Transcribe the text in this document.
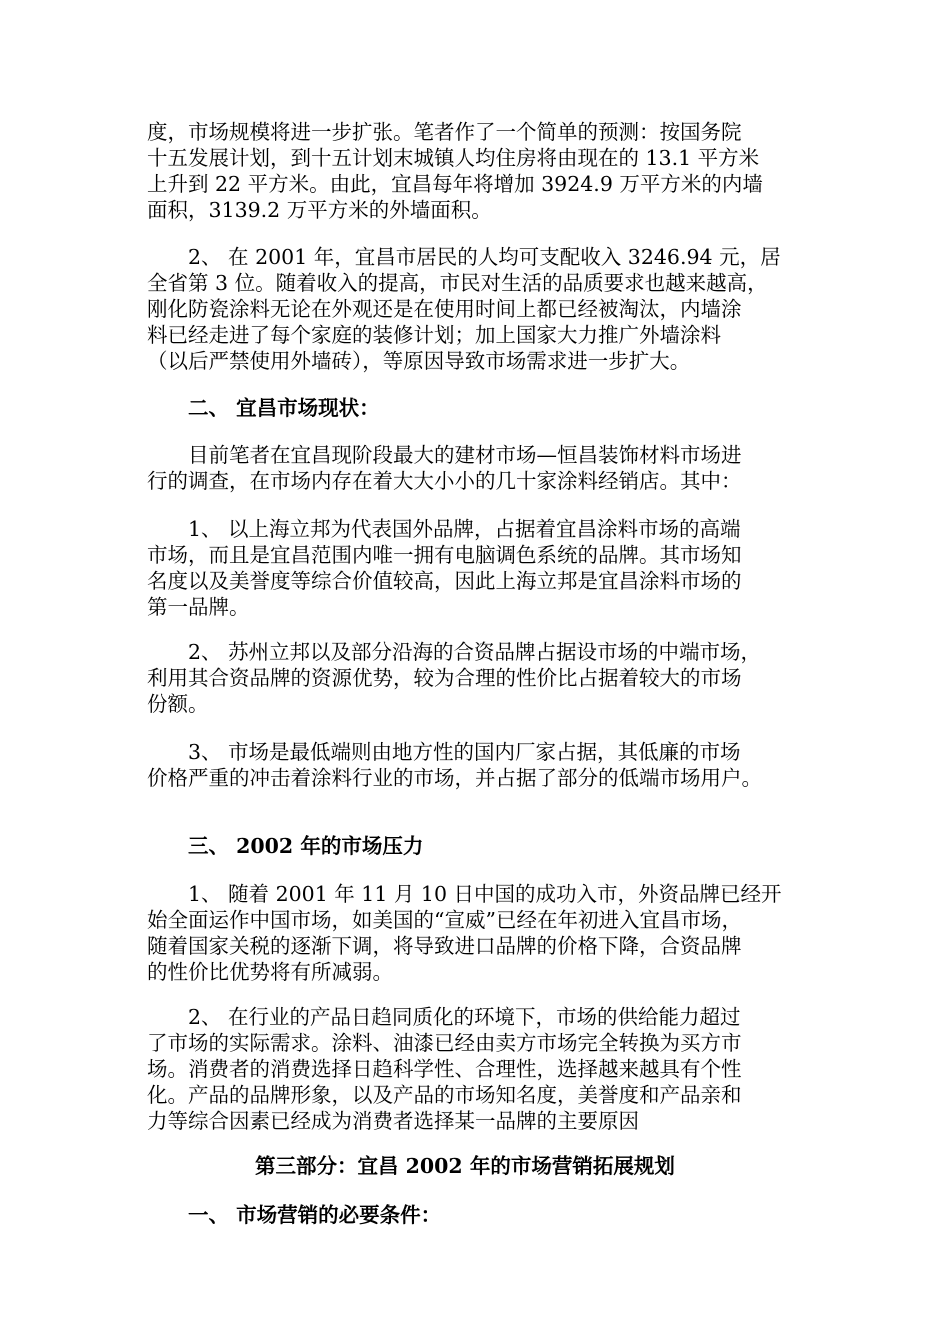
度，市场规模将进一步扩张。笔者作了一个简单的预测：按国务院
十五发展计划，到十五计划末城镇人均住房将由现在的 13.1 平方米
上升到 22 平方米。由此，宜昌每年将增加 3924.9 万平方米的内墙
面积，3139.2 万平方米的外墙面积。
　　2、 在 2001 年，宜昌市居民的人均可支配收入 3246.94 元，居
全省第 3 位。随着收入的提高，市民对生活的品质要求也越来越高，
刚化防瓷涂料无论在外观还是在使用时间上都已经被淘汰，内墙涂
料已经走进了每个家庭的装修计划；加上国家大力推广外墙涂料
（以后严禁使用外墙砖），等原因导致市场需求进一步扩大。
　　二、 宜昌市场现状：
　　目前笔者在宜昌现阶段最大的建材市场—恒昌装饰材料市场进
行的调查，在市场内存在着大大小小的几十家涂料经销店。其中：
　　1、 以上海立邦为代表国外品牌，占据着宜昌涂料市场的高端
市场，而且是宜昌范围内唯一拥有电脑调色系统的品牌。其市场知
名度以及美誉度等综合价值较高，因此上海立邦是宜昌涂料市场的
第一品牌。
　　2、 苏州立邦以及部分沿海的合资品牌占据设市场的中端市场，
利用其合资品牌的资源优势，较为合理的性价比占据着较大的市场
份额。
　　3、 市场是最低端则由地方性的国内厂家占据，其低廉的市场
价格严重的冲击着涂料行业的市场，并占据了部分的低端市场用户。
　　三、 2002 年的市场压力
　　1、 随着 2001 年 11 月 10 日中国的成功入市，外资品牌已经开
始全面运作中国市场，如美国的“宣威”已经在年初进入宜昌市场，
随着国家关税的逐渐下调，将导致进口品牌的价格下降，合资品牌
的性价比优势将有所减弱。
　　2、 在行业的产品日趋同质化的环境下，市场的供给能力超过
了市场的实际需求。涂料、油漆已经由卖方市场完全转换为买方市
场。消费者的消费选择日趋科学性、合理性，选择越来越具有个性
化。产品的品牌形象，以及产品的市场知名度，美誉度和产品亲和
力等综合因素已经成为消费者选择某一品牌的主要原因
第三部分：宜昌 2002 年的市场营销拓展规划
　　一、 市场营销的必要条件：
